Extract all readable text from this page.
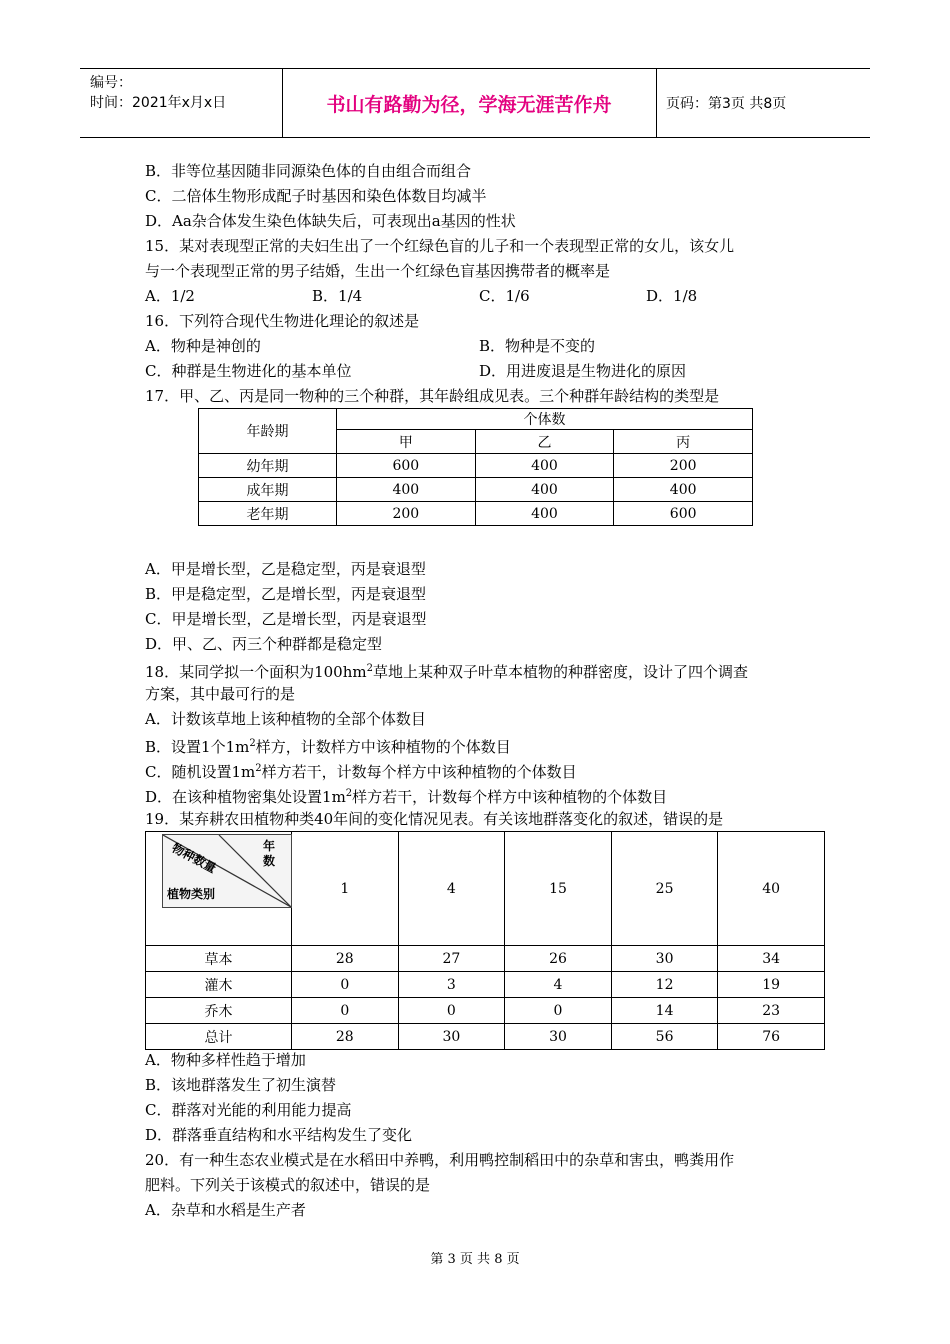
编号：
时间：2021年x月x日	书山有路勤为径，学海无涯苦作舟	页码：第3页 共8页
B．非等位基因随非同源染色体的自由组合而组合
C．二倍体生物形成配子时基因和染色体数目均减半
D．Aa杂合体发生染色体缺失后，可表现出a基因的性状
15．某对表现型正常的夫妇生出了一个红绿色盲的儿子和一个表现型正常的女儿，该女儿
与一个表现型正常的男子结婚，生出一个红绿色盲基因携带者的概率是
A．1/2	B．1/4	C．1/6	D．1/8
16．下列符合现代生物进化理论的叙述是
A．物种是神创的	B．物种是不变的
C．种群是生物进化的基本单位	D．用进废退是生物进化的原因
17．甲、乙、丙是同一物种的三个种群，其年龄组成见表。三个种群年龄结构的类型是
年龄期	个体数		
	甲	乙	丙
幼年期	600	400	200
成年期	400	400	400
老年期	200	400	600
A．甲是增长型，乙是稳定型，丙是衰退型
B．甲是稳定型，乙是增长型，丙是衰退型
C．甲是增长型，乙是增长型，丙是衰退型
D．甲、乙、丙三个种群都是稳定型
18．某同学拟一个面积为$100hm^2$草地上某种双子叶草本植物的种群密度，设计了四个调查
方案，其中最可行的是
A．计数该草地上该种植物的全部个体数目
B．设置1个$1m^2$样方，计数样方中该种植物的个体数目
C．随机设置$1m^2$样方若干，计数每个样方中该种植物的个体数目
D．在该种植物密集处设置$1m^2$样方若干，计数每个样方中该种植物的个体数目
19．某弃耕农田植物种类40年间的变化情况见表。有关该地群落变化的叙述，错误的是
物种数量 年数
植物类别	1	4	15	25	40
草本	28	27	26	30	34
灌木	0	3	4	12	19
乔木	0	0	0	14	23
总计	28	30	30	56	76
A．物种多样性趋于增加
B．该地群落发生了初生演替
C．群落对光能的利用能力提高
D．群落垂直结构和水平结构发生了变化
20．有一种生态农业模式是在水稻田中养鸭，利用鸭控制稻田中的杂草和害虫，鸭粪用作
肥料。下列关于该模式的叙述中，错误的是
A．杂草和水稻是生产者
第 3 页 共 8 页
